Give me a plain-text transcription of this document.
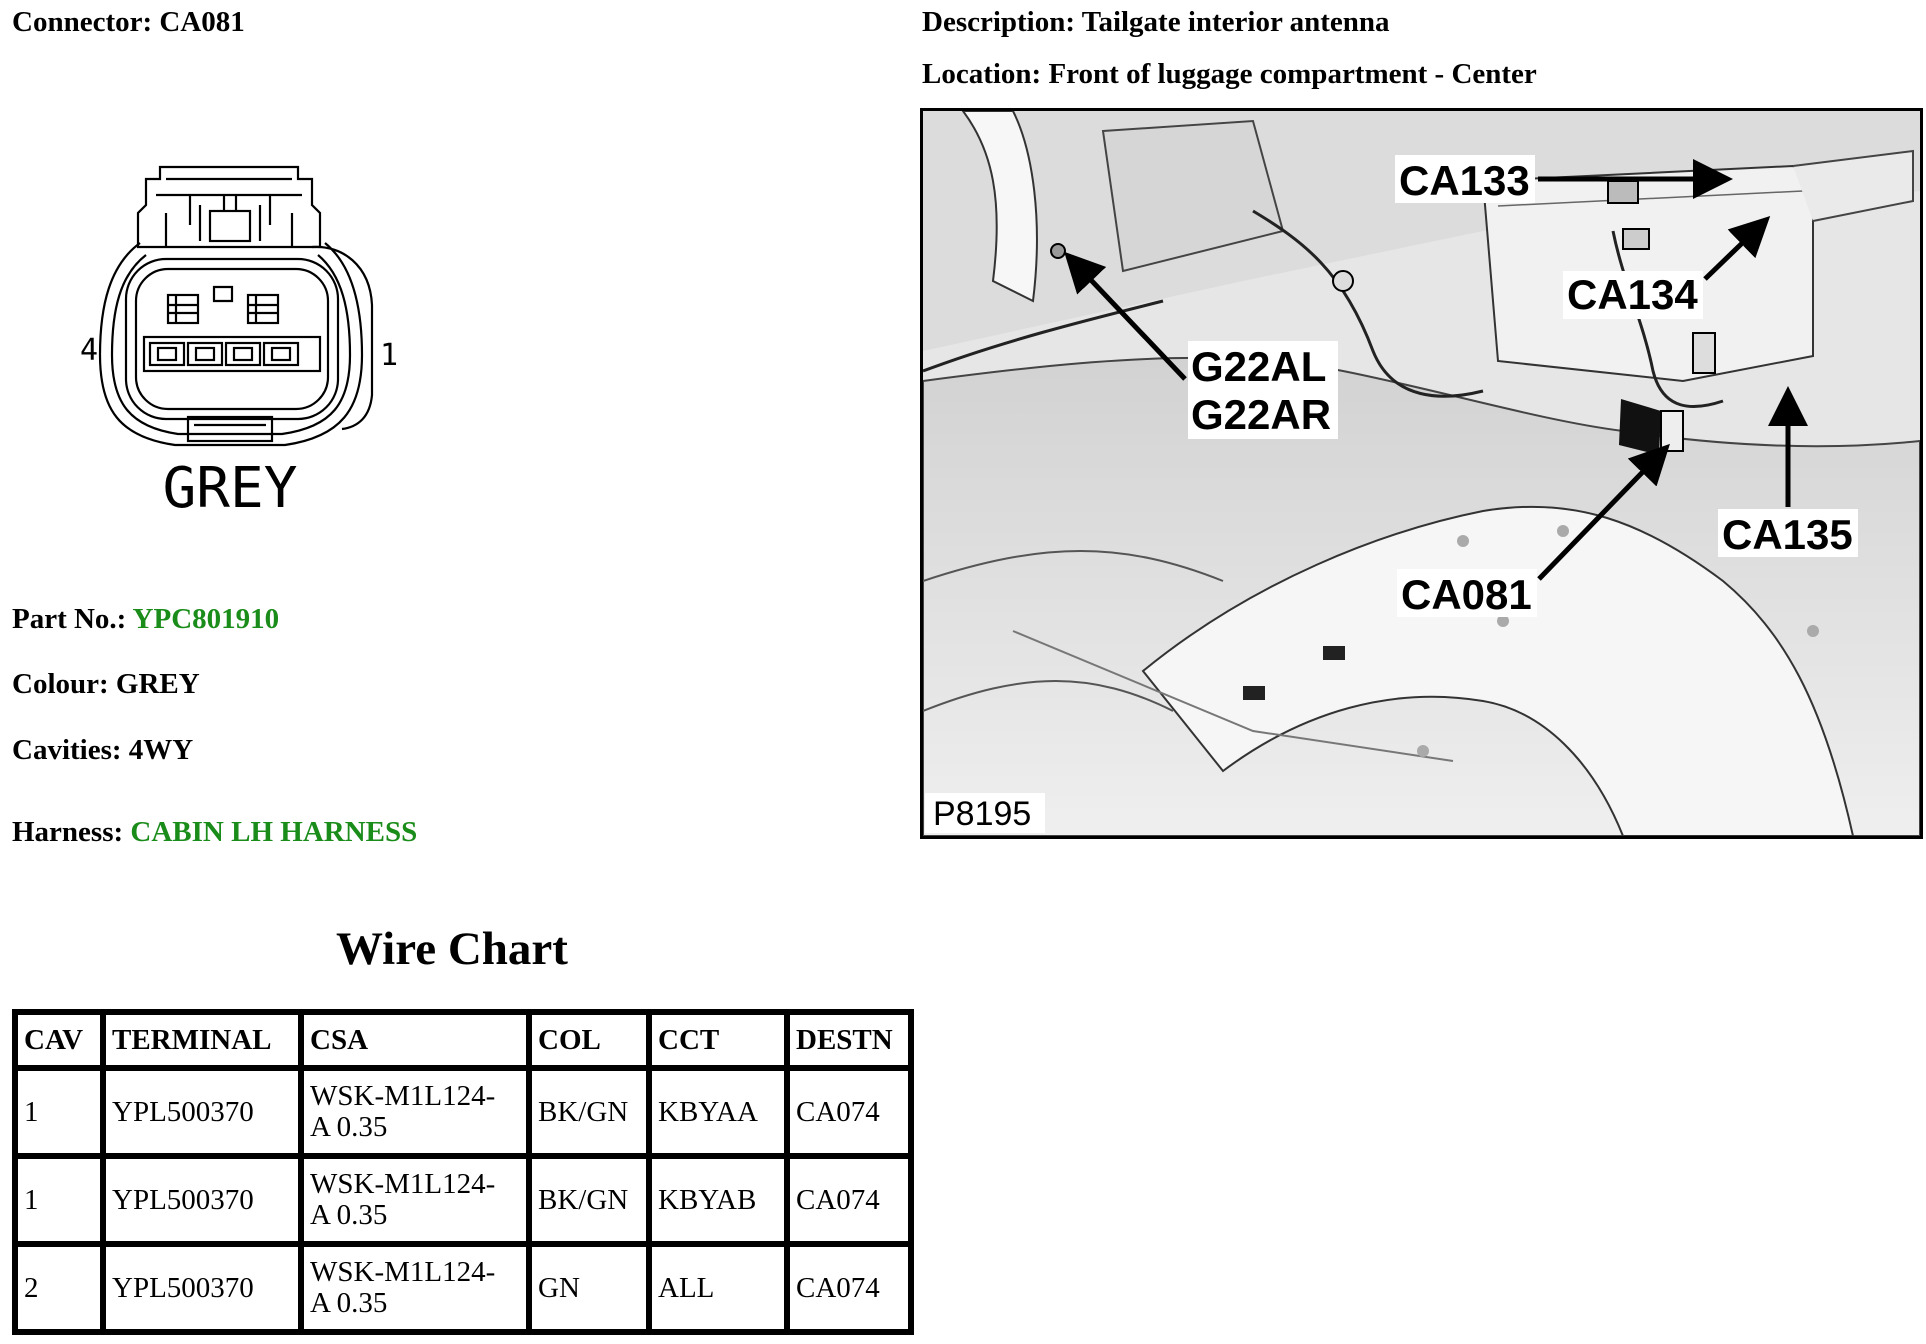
Connector: CA081	Description: Tailgate interior antenna
Location: Front of luggage compartment - Center
4	1
GREY
Part No.: YPC801910
Colour: GREY
Cavities: 4WY
Harness: CABIN LH HARNESS
Wire Chart
CAV	TERMINAL	CSA	COL	CCT	DESTN
1	YPL500370	WSK-M1L124-
A 0.35	BK/GN	KBYAA	CA074
1	YPL500370	WSK-M1L124-
A 0.35	BK/GN	KBYAB	CA074
2	YPL500370	WSK-M1L124-
A 0.35	GN	ALL	CA074
CA133
CA134
G22AL
G22AR
CA135
CA081
P8195
